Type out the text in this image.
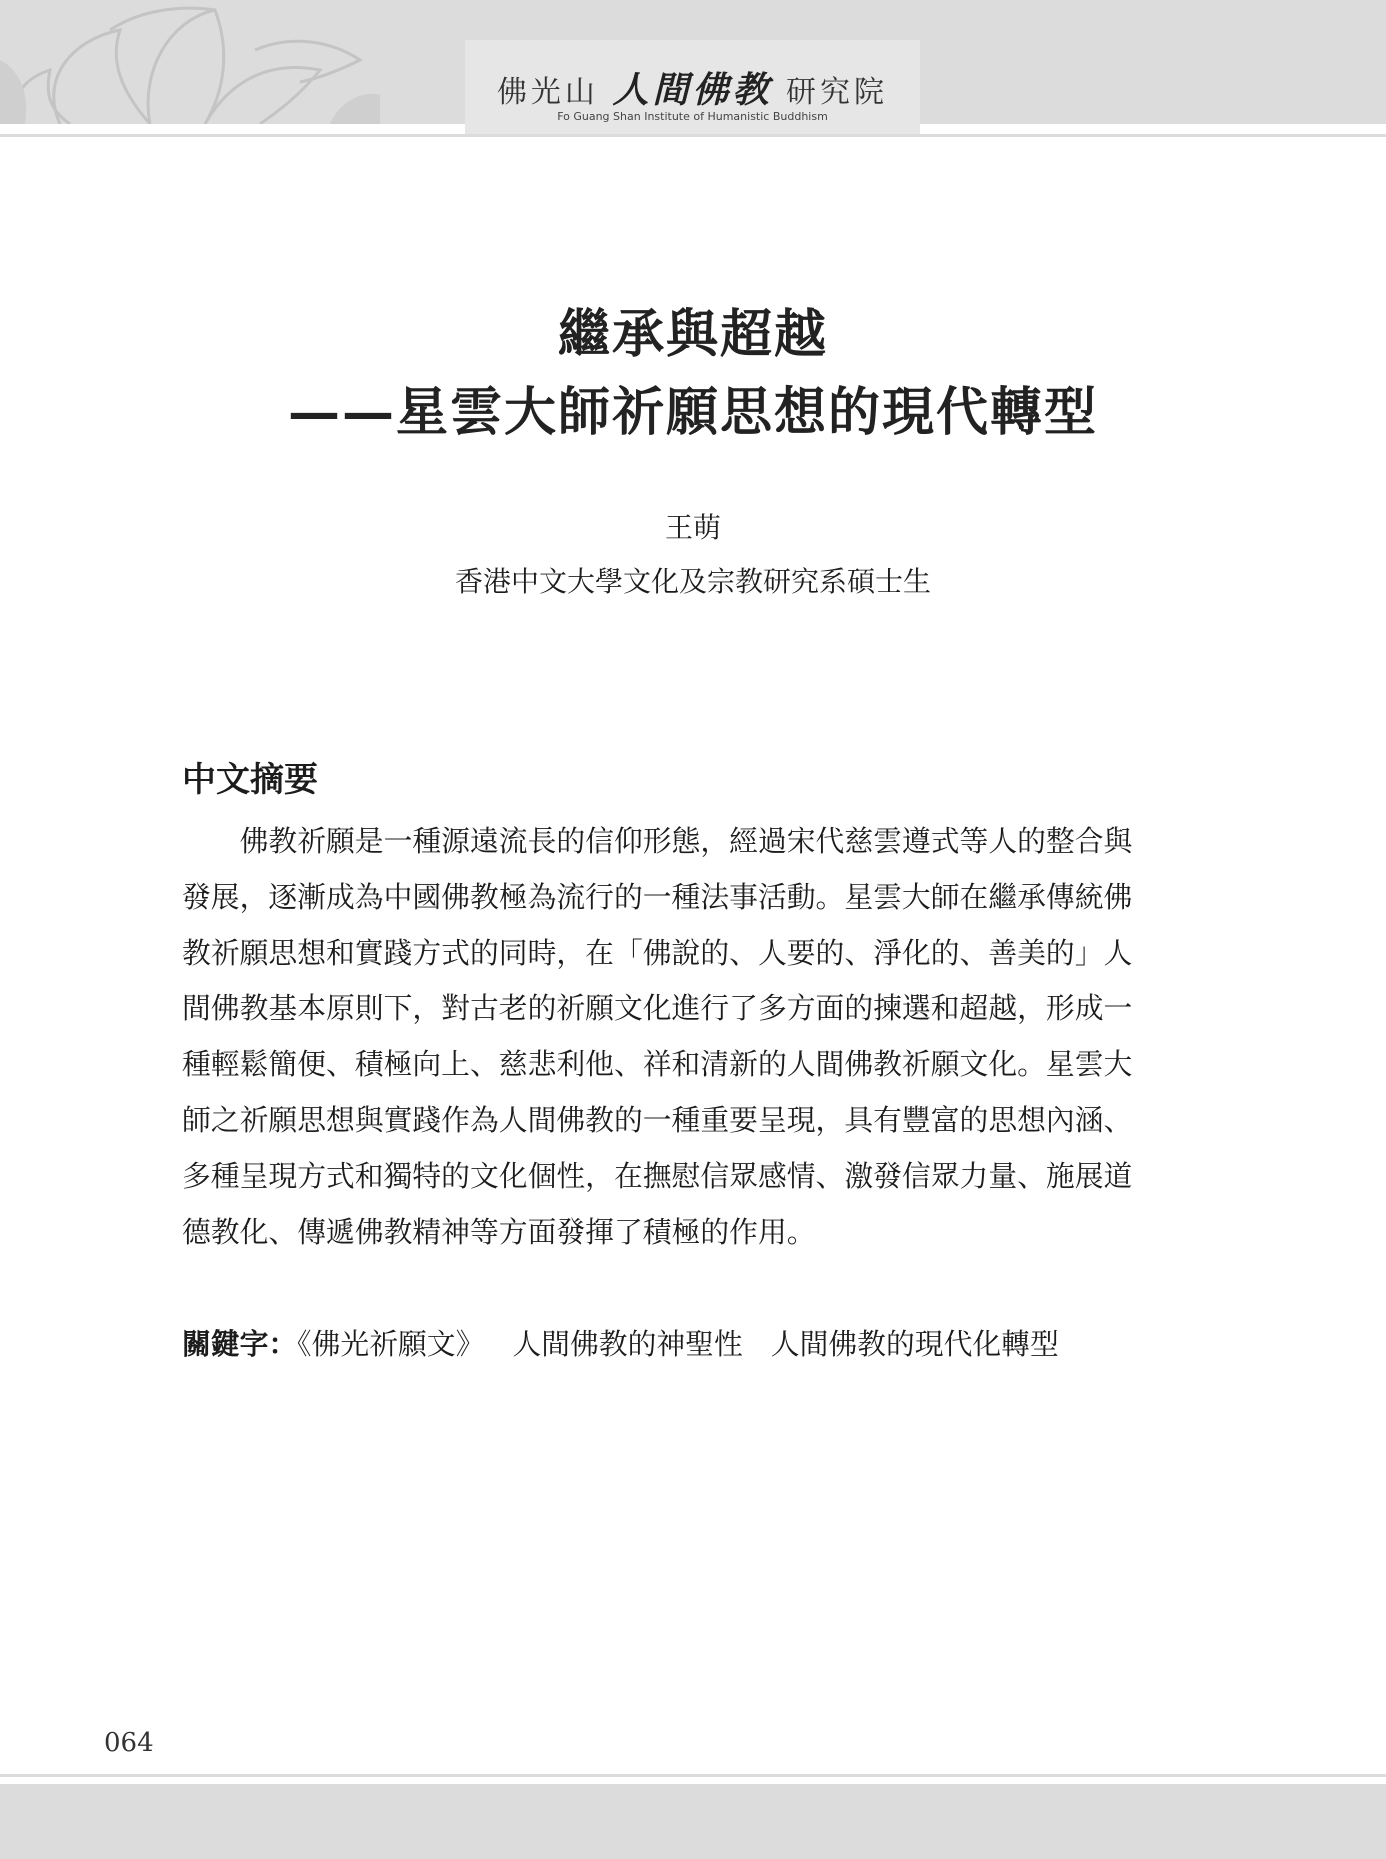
佛光山 人間佛教 研究院
Fo Guang Shan Institute of Humanistic Buddhism
繼承與超越
——星雲大師祈願思想的現代轉型
王萌
香港中文大學文化及宗教研究系碩士生
中文摘要
　　佛教祈願是一種源遠流長的信仰形態，經過宋代慈雲遵式等人的整合與
發展，逐漸成為中國佛教極為流行的一種法事活動。星雲大師在繼承傳統佛
教祈願思想和實踐方式的同時，在「佛說的、人要的、淨化的、善美的」人
間佛教基本原則下，對古老的祈願文化進行了多方面的揀選和超越，形成一
種輕鬆簡便、積極向上、慈悲利他、祥和清新的人間佛教祈願文化。星雲大
師之祈願思想與實踐作為人間佛教的一種重要呈現，具有豐富的思想內涵、
多種呈現方式和獨特的文化個性，在撫慰信眾感情、激發信眾力量、施展道
德教化、傳遞佛教精神等方面發揮了積極的作用。
關鍵字：《佛光祈願文》 人間佛教的神聖性 人間佛教的現代化轉型
064
